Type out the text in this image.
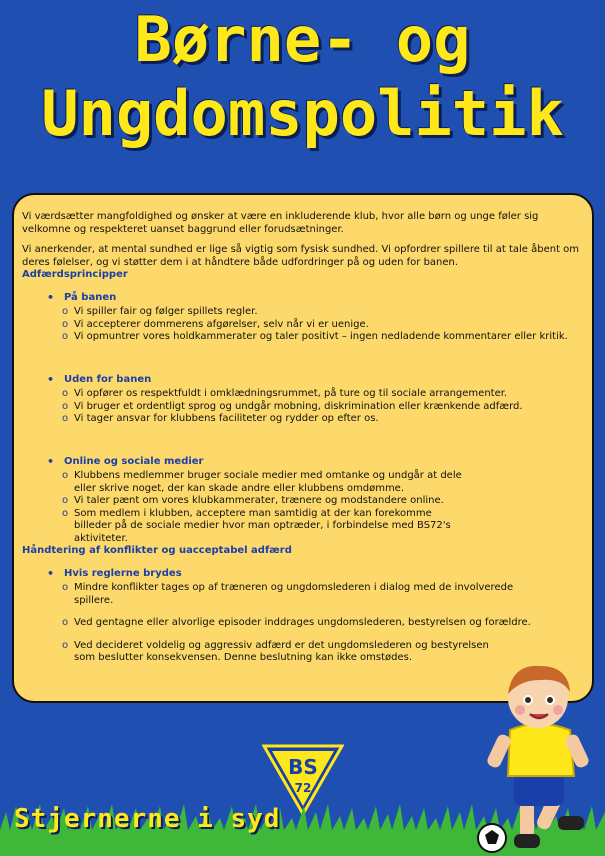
Børne- og
Ungdomspolitik

Vi værdsætter mangfoldighed og ønsker at være en inkluderende klub, hvor alle børn og unge føler sig velkomne og respekteret uanset baggrund eller forudsætninger.

Vi anerkender, at mental sundhed er lige så vigtig som fysisk sundhed. Vi opfordrer spillere til at tale åbent om deres følelser, og vi støtter dem i at håndtere både udfordringer på og uden for banen.

Adfærdsprincipper

• På banen
o Vi spiller fair og følger spillets regler.
o Vi accepterer dommerens afgørelser, selv når vi er uenige.
o Vi opmuntrer vores holdkammerater og taler positivt – ingen nedladende kommentarer eller kritik.
• Uden for banen
o Vi opfører os respektfuldt i omklædningsrummet, på ture og til sociale arrangementer.
o Vi bruger et ordentligt sprog og undgår mobning, diskrimination eller krænkende adfærd.
o Vi tager ansvar for klubbens faciliteter og rydder op efter os.
• Online og sociale medier
o Klubbens medlemmer bruger sociale medier med omtanke og undgår at dele eller skrive noget, der kan skade andre eller klubbens omdømme.
o Vi taler pænt om vores klubkammerater, trænere og modstandere online.
o Som medlem i klubben, acceptere man samtidig at der kan forekomme billeder på de sociale medier hvor man optræder, i forbindelse med BS72's aktiviteter.

Håndtering af konflikter og uacceptabel adfærd

• Hvis reglerne brydes
o Mindre konflikter tages op af træneren og ungdomslederen i dialog med de involverede spillere.
o Ved gentagne eller alvorlige episoder inddrages ungdomslederen, bestyrelsen og forældre.
o Ved decideret voldelig og aggressiv adfærd er det ungdomslederen og bestyrelsen som beslutter konsekvensen. Denne beslutning kan ikke omstødes.
BS
72

Stjernerne i syd
